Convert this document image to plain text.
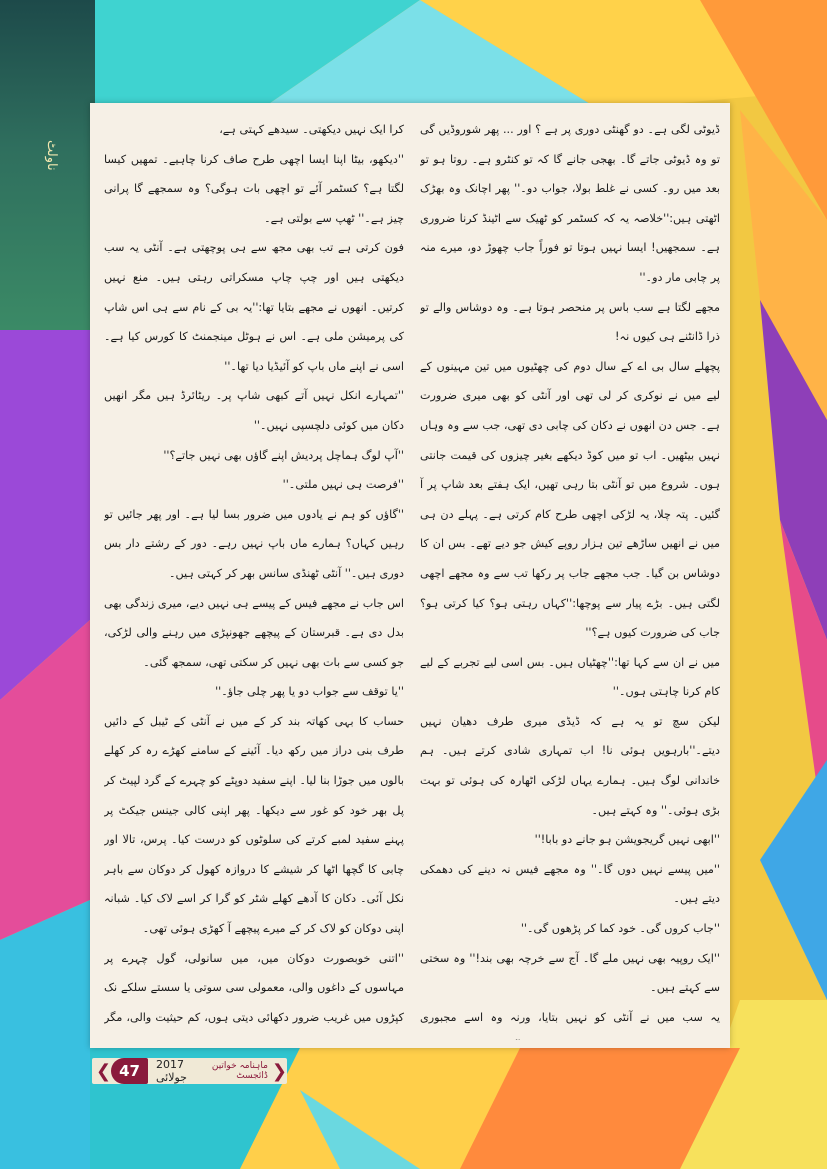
ناولٹ

ڈیوٹی لگی ہے۔ دو گھنٹی دوری پر ہے ؟ اور ... پھر شوروڈیں گی تو وہ ڈیوٹی جاتے گا۔ بھجی جانے گا کہ تو کنٹرو ہے۔ روتا ہو تو بعد میں رو۔ کسی نے غلط بولا، جواب دو۔'' پھر اچانک وہ بھڑک اٹھتی ہیں:''خلاصہ یہ کہ کسٹمر کو ٹھیک سے اٹینڈ کرنا ضروری ہے۔ سمجھیں! ایسا نہیں ہوتا تو فوراً جاب چھوڑ دو، میرے منہ پر چابی مار دو۔''

مجھے لگتا ہے سب باس پر منحصر ہوتا ہے۔ وہ دوشاس والے تو ذرا ڈانٹنے ہی کیوں نہ!

پچھلے سال بی اے کے سال دوم کی چھٹیوں میں تین مہینوں کے لیے میں نے نوکری کر لی تھی اور آنٹی کو بھی میری ضرورت ہے۔ جس دن انھوں نے دکان کی چابی دی تھی، جب سے وہ وہاں نہیں بیٹھیں۔ اب تو میں کوڈ دیکھے بغیر چیزوں کی قیمت جانتی ہوں۔ شروع میں تو آنٹی بتا رہی تھیں، ایک ہفتے بعد شاپ پر آ گئیں۔ پتہ چلا، یہ لڑکی اچھی طرح کام کرتی ہے۔ پہلے دن ہی میں نے انھیں ساڑھے تین ہزار روپے کیش جو دیے تھے۔ بس ان کا دوشاس بن گیا۔ جب مجھے جاب پر رکھا تب سے وہ مجھے اچھی لگتی ہیں۔ بڑے پیار سے پوچھا:''کہاں رہتی ہو؟ کیا کرتی ہو؟ جاب کی ضرورت کیوں ہے؟''

میں نے ان سے کہا تھا:''چھٹیاں ہیں۔ بس اسی لیے تجربے کے لیے کام کرنا چاہتی ہوں۔''

لیکن سچ تو یہ ہے کہ ڈیڈی میری طرف دھیان نہیں دیتے۔''بارہویں ہوئی نا! اب تمہاری شادی کرتے ہیں۔ ہم خاندانی لوگ ہیں۔ ہمارے یہاں لڑکی اٹھارہ کی ہوئی تو بہت بڑی ہوئی۔'' وہ کہتے ہیں۔

''ابھی نہیں گریجویشن ہو جانے دو بابا!''

''میں پیسے نہیں دوں گا۔'' وہ مجھے فیس نہ دینے کی دھمکی دیتے ہیں۔

''جاب کروں گی۔ خود کما کر پڑھوں گی۔''

''ایک روپیہ بھی نہیں ملے گا۔ آج سے خرچہ بھی بند!'' وہ سختی سے کہتے ہیں۔

یہ سب میں نے آنٹی کو نہیں بتایا، ورنہ وہ اسے مجبوری

کرا ایک نہیں دیکھتی۔ سیدھے کہتی ہے،

''دیکھو، بیٹا اپنا ایسا اچھی طرح صاف کرنا چاہیے۔ تمھیں کیسا لگتا ہے؟ کسٹمر آئے تو اچھی بات ہوگی؟ وہ سمجھے گا پرانی چیز ہے۔'' ٹھپ سے بولتی ہے۔

فون کرتی ہے تب بھی مجھ سے ہی پوچھتی ہے۔ آنٹی یہ سب دیکھتی ہیں اور چپ چاپ مسکراتی رہتی ہیں۔ منع نہیں کرتیں۔ انھوں نے مجھے بتایا تھا:''یہ بی کے نام سے ہی اس شاپ کی پرمیشن ملی ہے۔ اس نے ہوٹل مینجمنٹ کا کورس کیا ہے۔ اسی نے اپنے ماں باپ کو آئیڈیا دیا تھا۔''

''تمہارے انکل نہیں آتے کبھی شاپ پر۔ ریٹائرڈ ہیں مگر انھیں دکان میں کوئی دلچسپی نہیں۔''

''آپ لوگ ہماچل پردیش اپنے گاؤں بھی نہیں جاتے؟''

''فرصت ہی نہیں ملتی۔''

''گاؤں کو ہم نے یادوں میں ضرور بسا لیا ہے۔ اور پھر جائیں تو رہیں کہاں؟ ہمارے ماں باپ نہیں رہے۔ دور کے رشتے دار بس دوری ہیں۔'' آنٹی ٹھنڈی سانس بھر کر کہتی ہیں۔

اس جاب نے مجھے فیس کے پیسے ہی نہیں دیے، میری زندگی بھی بدل دی ہے۔ قبرستان کے پیچھے جھونپڑی میں رہنے والی لڑکی، جو کسی سے بات بھی نہیں کر سکتی تھی، سمجھ گئی۔

''یا توقف سے جواب دو یا پھر چلی جاؤ۔''

حساب کا بہی کھاتہ بند کر کے میں نے آنٹی کے ٹیبل کے دائیں طرف بنی دراز میں رکھ دیا۔ آئینے کے سامنے کھڑے رہ کر کھلے بالوں میں جوڑا بنا لیا۔ اپنے سفید دوپٹے کو چہرے کے گرد لپیٹ کر پل بھر خود کو غور سے دیکھا۔ پھر اپنی کالی جینس جیکٹ پر پہنے سفید لمبے کرتے کی سلوٹوں کو درست کیا۔ پرس، تالا اور چابی کا گچھا اٹھا کر شیشے کا دروازہ کھول کر دوکان سے باہر نکل آئی۔ دکان کا آدھے کھلے شٹر کو گرا کر اسے لاک کیا۔ شبانہ اپنی دوکان کو لاک کر کے میرے پیچھے آ کھڑی ہوئی تھی۔

''اتنی خوبصورت دوکان میں، میں سانولی، گول چہرے پر مہاسوں کے داغوں والی، معمولی سی سوتی یا سستے سلکے نک کپڑوں میں غریب ضرور دکھائی دیتی ہوں، کم حیثیت والی، مگر

❮ 47	2017 جولائی
ماہنامہ خواتین ڈائجسٹ ❯
